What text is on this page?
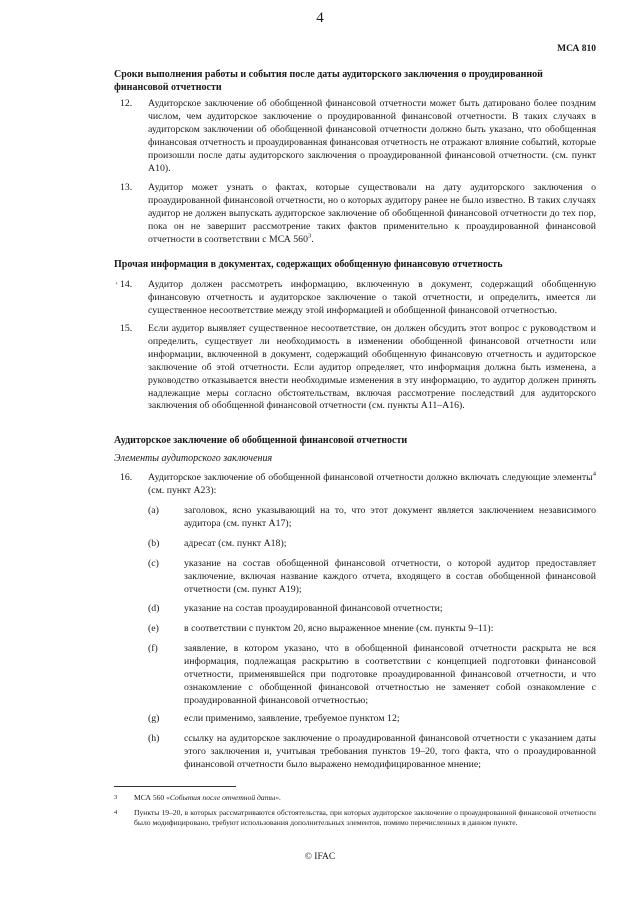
4
МСА 810
Сроки выполнения работы и события после даты аудиторского заключения о проудированной финансовой отчетности
12. Аудиторское заключение об обобщенной финансовой отчетности может быть датировано более поздним числом, чем аудиторское заключение о проудированной финансовой отчетности. В таких случаях в аудиторском заключении об обобщенной финансовой отчетности должно быть указано, что обобщенная финансовая отчетность и проаудированная финансовая отчетность не отражают влияние событий, которые произошли после даты аудиторского заключения о проаудированной финансовой отчетности. (см. пункт А10).
13. Аудитор может узнать о фактах, которые существовали на дату аудиторского заключения о проаудированной финансовой отчетности, но о которых аудитору ранее не было известно. В таких случаях аудитор не должен выпускать аудиторское заключение об обобщенной финансовой отчетности до тех пор, пока он не завершит рассмотрение таких фактов применительно к проаудированной финансовой отчетности в соответствии с МСА $560^3$.
Прочая информация в документах, содержащих обобщенную финансовую отчетность
' 14. Аудитор должен рассмотреть информацию, включенную в документ, содержащий обобщенную финансовую отчетность и аудиторское заключение о такой отчетности, и определить, имеется ли существенное несоответствие между этой информацией и обобщенной финансовой отчетностью.
15. Если аудитор выявляет существенное несоответствие, он должен обсудить этот вопрос с руководством и определить, существует ли необходимость в изменении обобщенной финансовой отчетности или информации, включенной в документ, содержащий обобщенную финансовую отчетность и аудиторское заключение об этой отчетности. Если аудитор определяет, что информация должна быть изменена, а руководство отказывается внести необходимые изменения в эту информацию, то аудитор должен принять надлежащие меры согласно обстоятельствам, включая рассмотрение последствий для аудиторского заключения об обобщенной финансовой отчетности (см. пункты А11–А16).
Аудиторское заключение об обобщенной финансовой отчетности
Элементы аудиторского заключения
16. Аудиторское заключение об обобщенной финансовой отчетности должно включать следующие элементы$^4$ (см. пункт А23):
(a)	заголовок, ясно указывающий на то, что этот документ является заключением независимого аудитора (см. пункт А17);
(b)	адресат (см. пункт А18);
(c)	указание на состав обобщенной финансовой отчетности, о которой аудитор предоставляет заключение, включая название каждого отчета, входящего в состав обобщенной финансовой отчетности (см. пункт А19);
(d)	указание на состав проаудированной финансовой отчетности;
(e)	в соответствии с пунктом 20, ясно выраженное мнение (см. пункты 9–11):
(f)	заявление, в котором указано, что в обобщенной финансовой отчетности раскрыта не вся информация, подлежащая раскрытию в соответствии с концепцией подготовки финансовой отчетности, применявшейся при подготовке проаудированной финансовой отчетности, и что ознакомление с обобщенной финансовой отчетностью не заменяет собой ознакомление с проаудированной финансовой отчетностью;
(g)	если применимо, заявление, требуемое пунктом 12;
(h)	ссылку на аудиторское заключение о проаудированной финансовой отчетности с указанием даты этого заключения и, учитывая требования пунктов 19–20, того факта, что о проаудированной финансовой отчетности было выражено немодифицированное мнение;
3 МСА 560 «События после отчетной даты».
4 Пункты 19–20, в которых рассматриваются обстоятельства, при которых аудиторское заключение о проаудированной финансовой отчетности было модифицировано, требуют использования дополнительных элементов, помимо перечисленных в данном пункте.
© IFAC
